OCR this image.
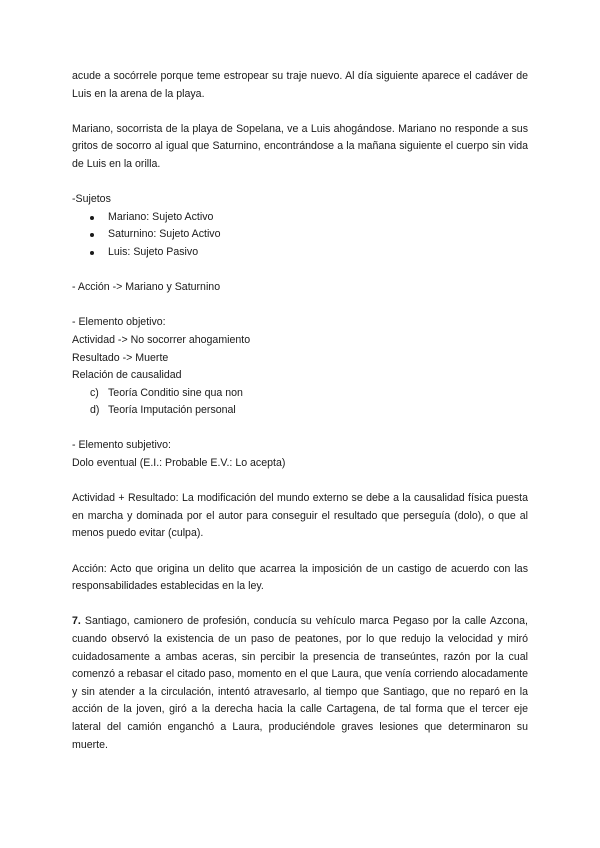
acude a socórrele porque teme estropear su traje nuevo. Al día siguiente aparece el cadáver de Luis en la arena de la playa.

Mariano, socorrista de la playa de Sopelana, ve a Luis ahogándose. Mariano no responde a sus gritos de socorro al igual que Saturnino, encontrándose a la mañana siguiente el cuerpo sin vida de Luis en la orilla.

-Sujetos

Mariano: Sujeto Activo
Saturnino: Sujeto Activo
Luis: Sujeto Pasivo

- Acción -> Mariano y Saturnino

- Elemento objetivo:

Actividad -> No socorrer ahogamiento

Resultado -> Muerte

Relación de causalidad

c) Teoría Conditio sine qua non
d) Teoría Imputación personal

- Elemento subjetivo:

Dolo eventual (E.I.: Probable E.V.: Lo acepta)

Actividad + Resultado: La modificación del mundo externo se debe a la causalidad física puesta en marcha y dominada por el autor para conseguir el resultado que perseguía (dolo), o que al menos puedo evitar (culpa).

Acción: Acto que origina un delito que acarrea la imposición de un castigo de acuerdo con las responsabilidades establecidas en la ley.

7. Santiago, camionero de profesión, conducía su vehículo marca Pegaso por la calle Azcona, cuando observó la existencia de un paso de peatones, por lo que redujo la velocidad y miró cuidadosamente a ambas aceras, sin percibir la presencia de transeúntes, razón por la cual comenzó a rebasar el citado paso, momento en el que Laura, que venía corriendo alocadamente y sin atender a la circulación, intentó atravesarlo, al tiempo que Santiago, que no reparó en la acción de la joven, giró a la derecha hacia la calle Cartagena, de tal forma que el tercer eje lateral del camión enganchó a Laura, produciéndole graves lesiones que determinaron su muerte.
